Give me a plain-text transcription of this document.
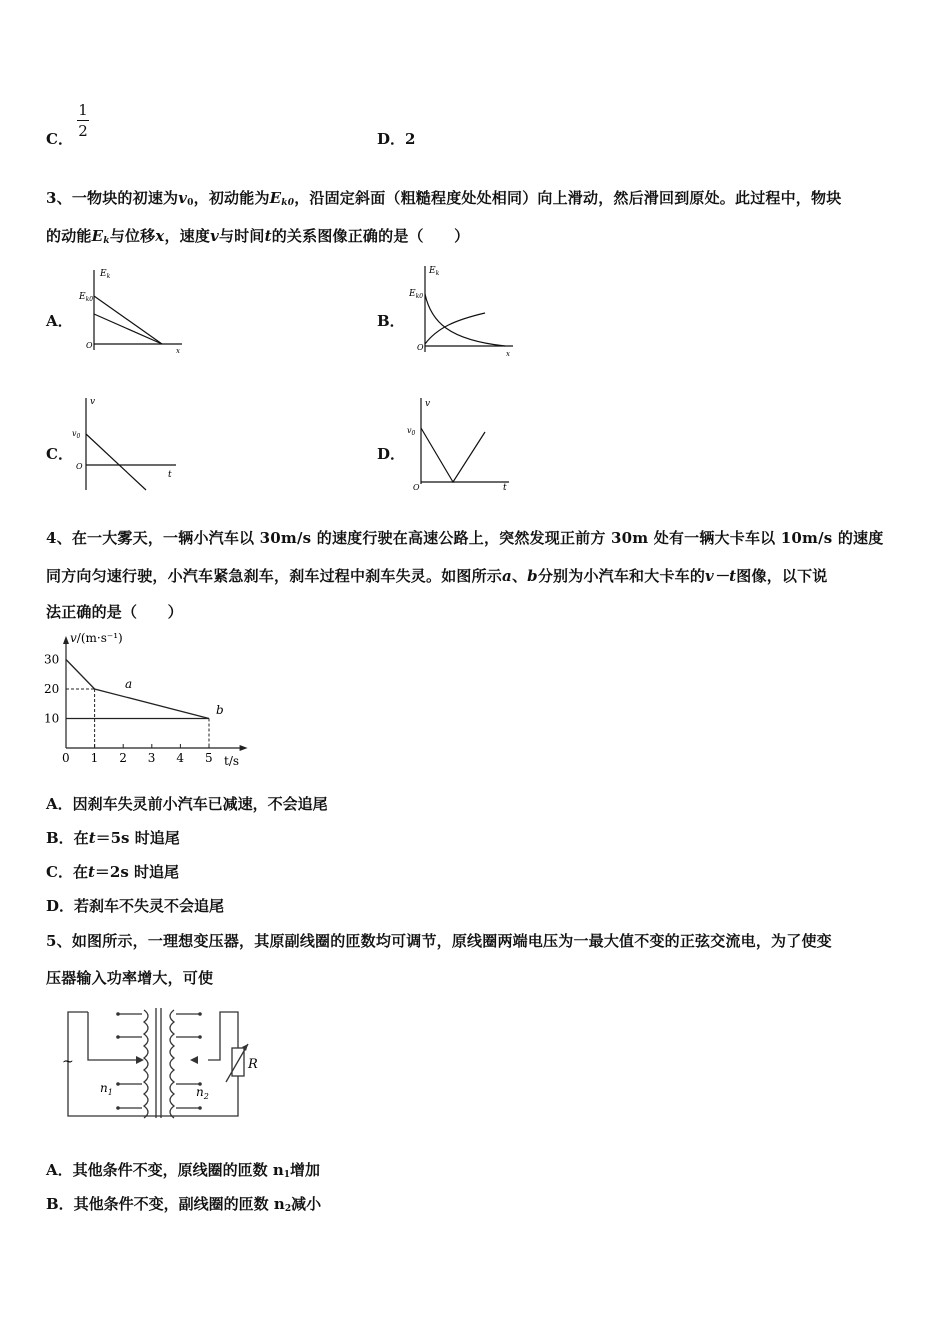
C．
1
2	D．2
3、一物块的初速为$v_0$，初动能为$E_{k0}$，沿固定斜面（粗糙程度处处相同）向上滑动，然后滑回到原处。此过程中，物块
的动能$E_k$与位移x，速度v与时间t的关系图像正确的是（　　）
A．	B．
C．	D．
$E_k$
$E_{k0}$
O
x
$E_k$
$E_{k0}$
O
x
v
$v_0$
O
t
v
$v_0$
O	t
4、在一大雾天，一辆小汽车以 30m/s 的速度行驶在高速公路上，突然发现正前方 30m 处有一辆大卡车以 10m/s 的速度
同方向匀速行驶，小汽车紧急刹车，刹车过程中刹车失灵。如图所示a、b分别为小汽车和大卡车的v－t图像，以下说
法正确的是（　　）
0 1 2 3 4 5
10
20
30
v/(m·s⁻¹)
t/s
a
b
A．因刹车失灵前小汽车已减速，不会追尾
B．在t＝5s 时追尾
C．在t＝2s 时追尾
D．若刹车不失灵不会追尾
5、如图所示，一理想变压器，其原副线圈的匝数均可调节，原线圈两端电压为一最大值不变的正弦交流电，为了使变
压器输入功率增大，可使
~
$n_1$	$n_2$
R
A．其他条件不变，原线圈的匝数 $n_1$增加
B．其他条件不变，副线圈的匝数 $n_2$减小
